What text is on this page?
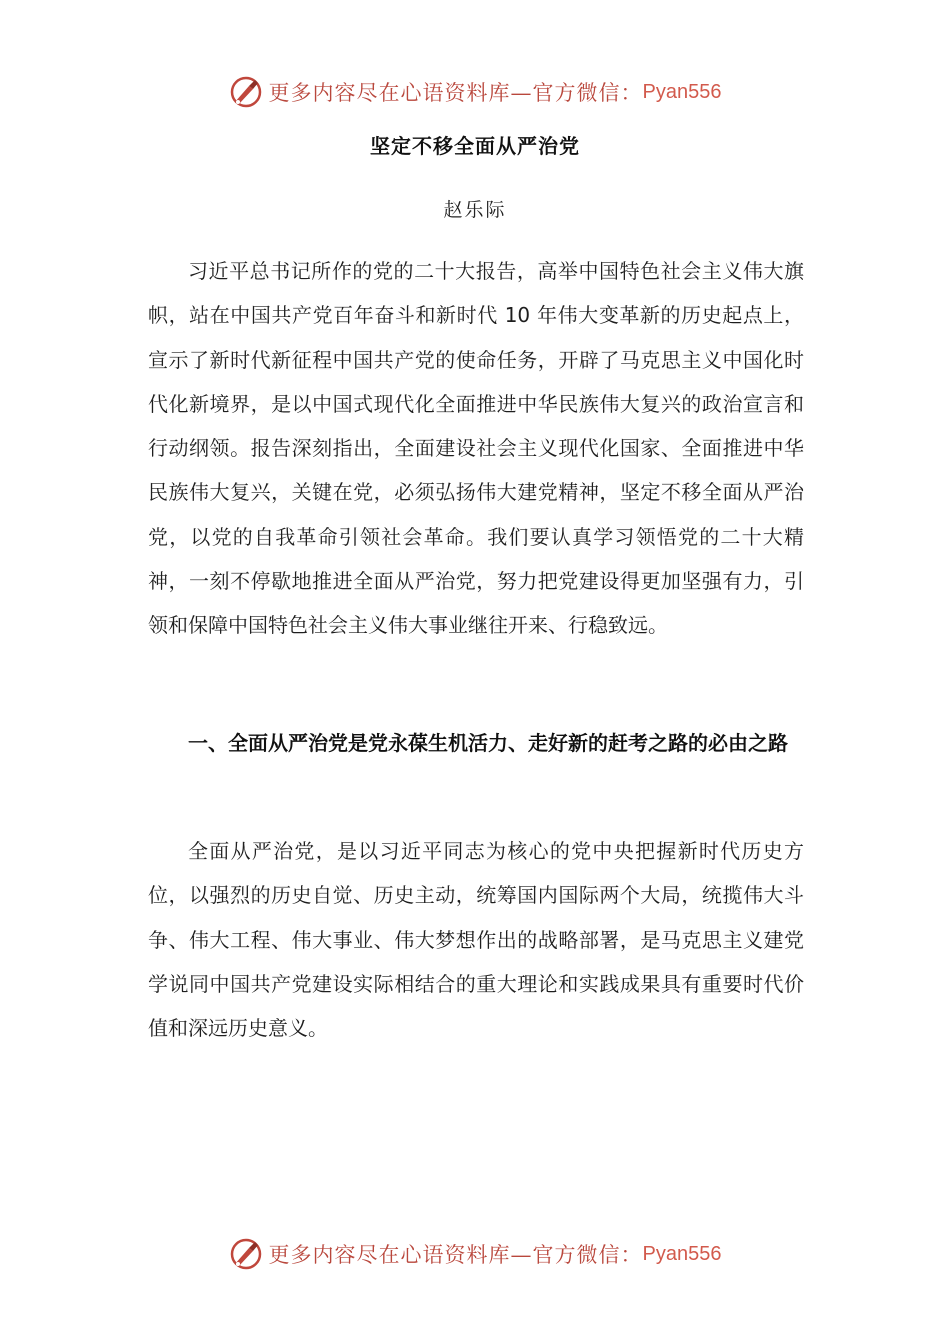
更多内容尽在心语资料库—官方微信： Pyan556
坚定不移全面从严治党
赵乐际

习近平总书记所作的党的二十大报告，高举中国特色社会主义伟大旗帜，站在中国共产党百年奋斗和新时代 10 年伟大变革新的历史起点上，宣示了新时代新征程中国共产党的使命任务，开辟了马克思主义中国化时代化新境界，是以中国式现代化全面推进中华民族伟大复兴的政治宣言和行动纲领。报告深刻指出，全面建设社会主义现代化国家、全面推进中华民族伟大复兴，关键在党，必须弘扬伟大建党精神，坚定不移全面从严治党，以党的自我革命引领社会革命。我们要认真学习领悟党的二十大精神，一刻不停歇地推进全面从严治党，努力把党建设得更加坚强有力，引领和保障中国特色社会主义伟大事业继往开来、行稳致远。

一、全面从严治党是党永葆生机活力、走好新的赶考之路的必由之路

全面从严治党，是以习近平同志为核心的党中央把握新时代历史方位，以强烈的历史自觉、历史主动，统筹国内国际两个大局，统揽伟大斗争、伟大工程、伟大事业、伟大梦想作出的战略部署，是马克思主义建党学说同中国共产党建设实际相结合的重大理论和实践成果具有重要时代价值和深远历史意义。

更多内容尽在心语资料库—官方微信： Pyan556
